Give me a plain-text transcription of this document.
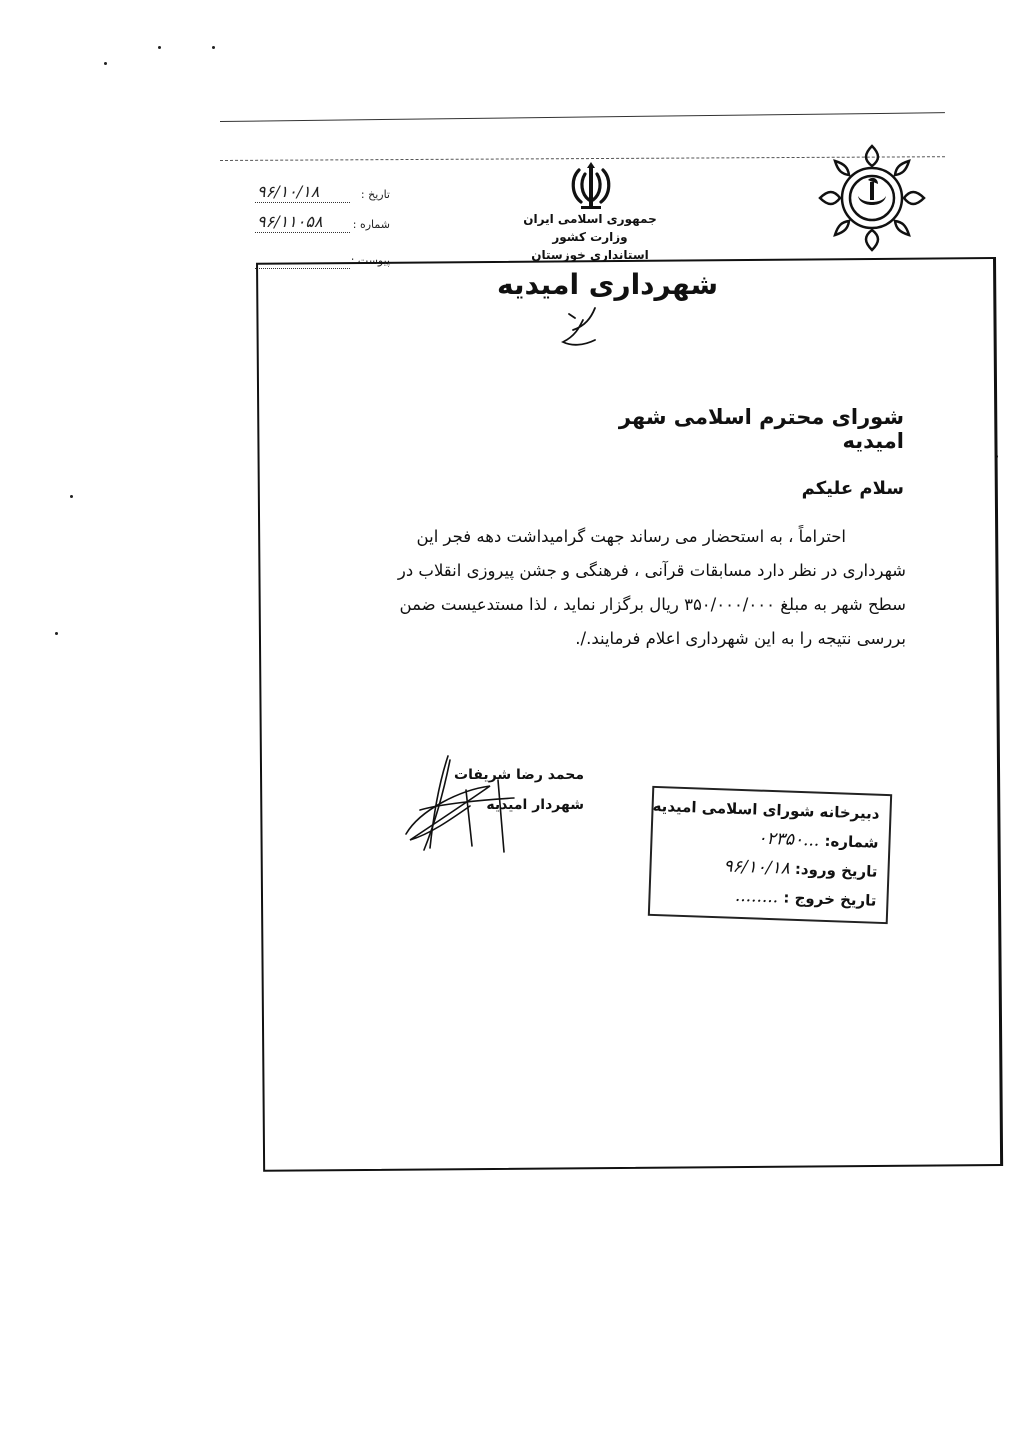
تاریخ :
۹۶/۱۰/۱۸
شماره :
۹۶/۱۱۰۵۸
پیوست :
جمهوری اسلامی ایران
وزارت کشور
استانداری خوزستان
شهرداری امیدیه
شورای محترم اسلامی شهر امیدیه
سلام علیکم
احتراماً ، به استحضار می رساند جهت گرامیداشت دهه فجر این
شهرداری در نظر دارد مسابقات قرآنی ، فرهنگی و جشن پیروزی انقلاب در
سطح شهر به مبلغ ۳۵۰/۰۰۰/۰۰۰ ریال برگزار نماید ، لذا مستدعیست ضمن
بررسی نتیجه را به این شهرداری اعلام فرمایند./.
محمد رضا شریفات
شهردار امیدیه	دبیرخانه شورای اسلامی امیدیه
شماره: ...۰۲۳۵۰
تاریخ ورود: ۹۶/۱۰/۱۸
تاریخ خروج : ........
